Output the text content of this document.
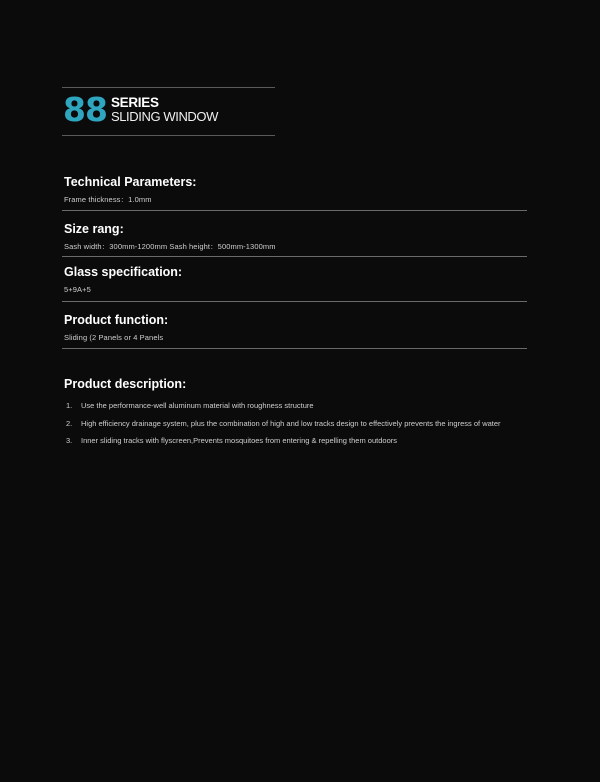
88 SERIES
SLIDING WINDOW
Technical Parameters:
Frame thickness：1.0mm
Size rang:
Sash width：300mm-1200mm Sash height：500mm-1300mm
Glass specification:
5+9A+5
Product function:
Sliding (2 Panels or 4 Panels
Product description:
1.	Use the performance-well aluminum material with roughness structure
2.	High efficiency drainage system, plus the combination of high and low tracks design to effectively prevents the ingress of water
3.	Inner sliding tracks with flyscreen,Prevents mosquitoes from entering & repelling them outdoors
